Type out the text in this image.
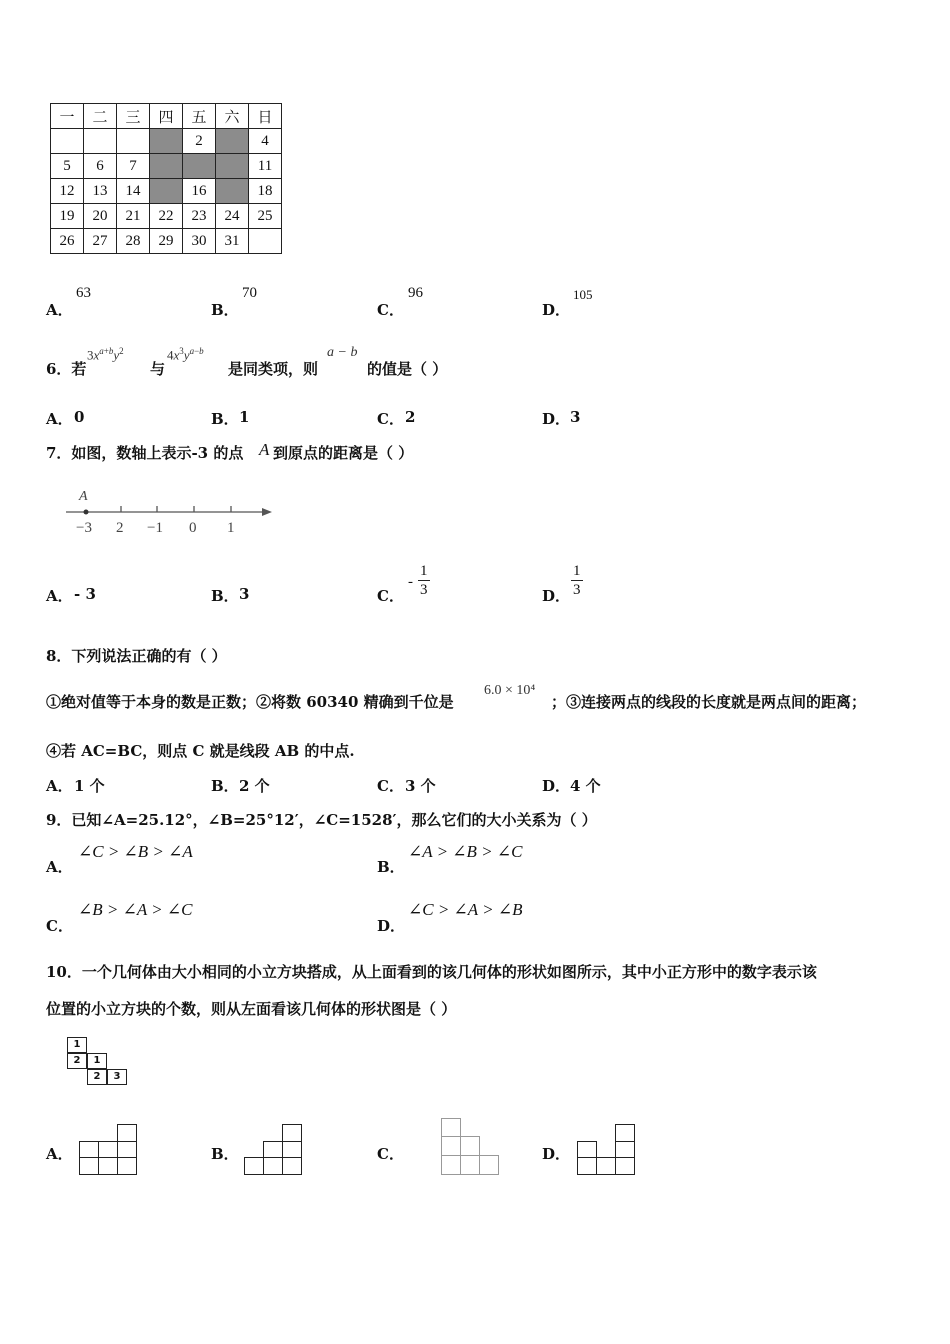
一	二	三	四	五	六	日
				2		4
5	6	7				11
12	13	14		16		18
19	20	21	22	23	24	25
26	27	28	29	30	31	
A．
63
B．
70
C．
96
D．
105
6．若
$3x^{a+b}y^2$
与
$4x^3y^{a-b}$
是同类项，则
a − b
的值是（ ）
A． 0	B． 1	C． 2	D． 3
7．如图，数轴上表示-3 的点 A 到原点的距离是（ ）
A
−3 2 −1 0 1
A． - 3	B． 3	C．
- $\frac{1}{3}$	D． $\frac{1}{3}$
8．下列说法正确的有（ ）
①绝对值等于本身的数是正数；②将数 60340 精确到千位是
6.0 × 10⁴
；③连接两点的线段的长度就是两点间的距离；
④若 AC=BC，则点 C 就是线段 AB 的中点.
A． 1 个	B． 2 个	C． 3 个	D． 4 个
9．已知∠A=25.12°，∠B=25°12′，∠C=1528′，那么它们的大小关系为（ ）
A．
∠C > ∠B > ∠A
B．
∠A > ∠B > ∠C
C．
∠B > ∠A > ∠C
D．
∠C > ∠A > ∠B
10．一个几何体由大小相同的小立方块搭成，从上面看到的该几何体的形状如图所示，其中小正方形中的数字表示该
位置的小立方块的个数，则从左面看该几何体的形状图是（ ）
1
2	1
2	3
A．	B．	C．	D．
